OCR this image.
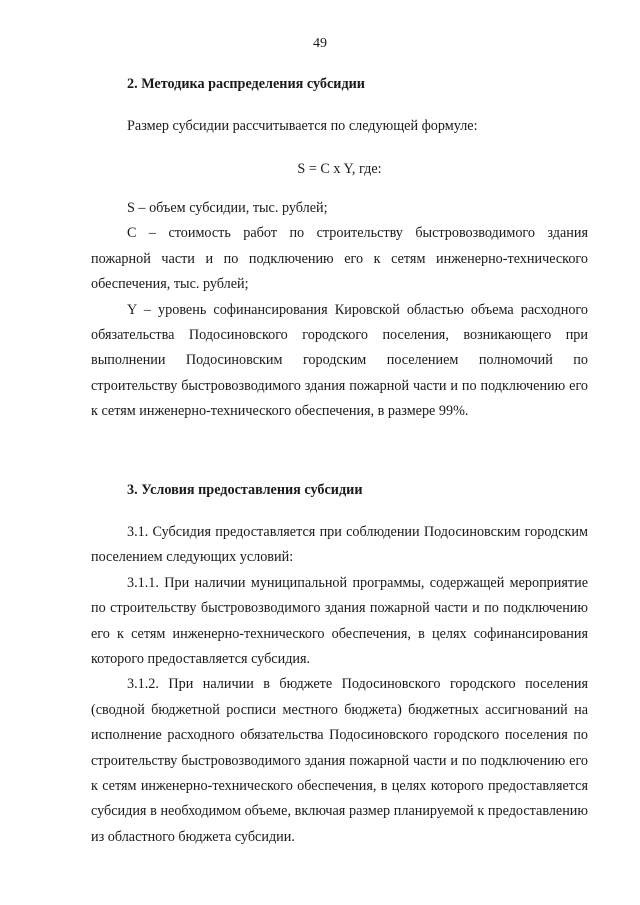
49

2. Методика распределения субсидии

Размер субсидии рассчитывается по следующей формуле:

S = C x Y, где:

S – объем субсидии, тыс. рублей;

C – стоимость работ по строительству быстровозводимого здания пожарной части и по подключению его к сетям инженерно-технического обеспечения, тыс. рублей;

Y – уровень софинансирования Кировской областью объема расходного обязательства Подосиновского городского поселения, возникающего при выполнении Подосиновским городским поселением полномочий по строительству быстровозводимого здания пожарной части и по подключению его к сетям инженерно-технического обеспечения, в размере 99%.

3. Условия предоставления субсидии

3.1. Субсидия предоставляется при соблюдении Подосиновским городским поселением следующих условий:

3.1.1. При наличии муниципальной программы, содержащей мероприятие по строительству быстровозводимого здания пожарной части и по подключению его к сетям инженерно-технического обеспечения, в целях софинансирования которого предоставляется субсидия.

3.1.2. При наличии в бюджете Подосиновского городского поселения (сводной бюджетной росписи местного бюджета) бюджетных ассигнований на исполнение расходного обязательства Подосиновского городского поселения по строительству быстровозводимого здания пожарной части и по подключению его к сетям инженерно-технического обеспечения, в целях которого предоставляется субсидия в необходимом объеме, включая размер планируемой к предоставлению из областного бюджета субсидии.
